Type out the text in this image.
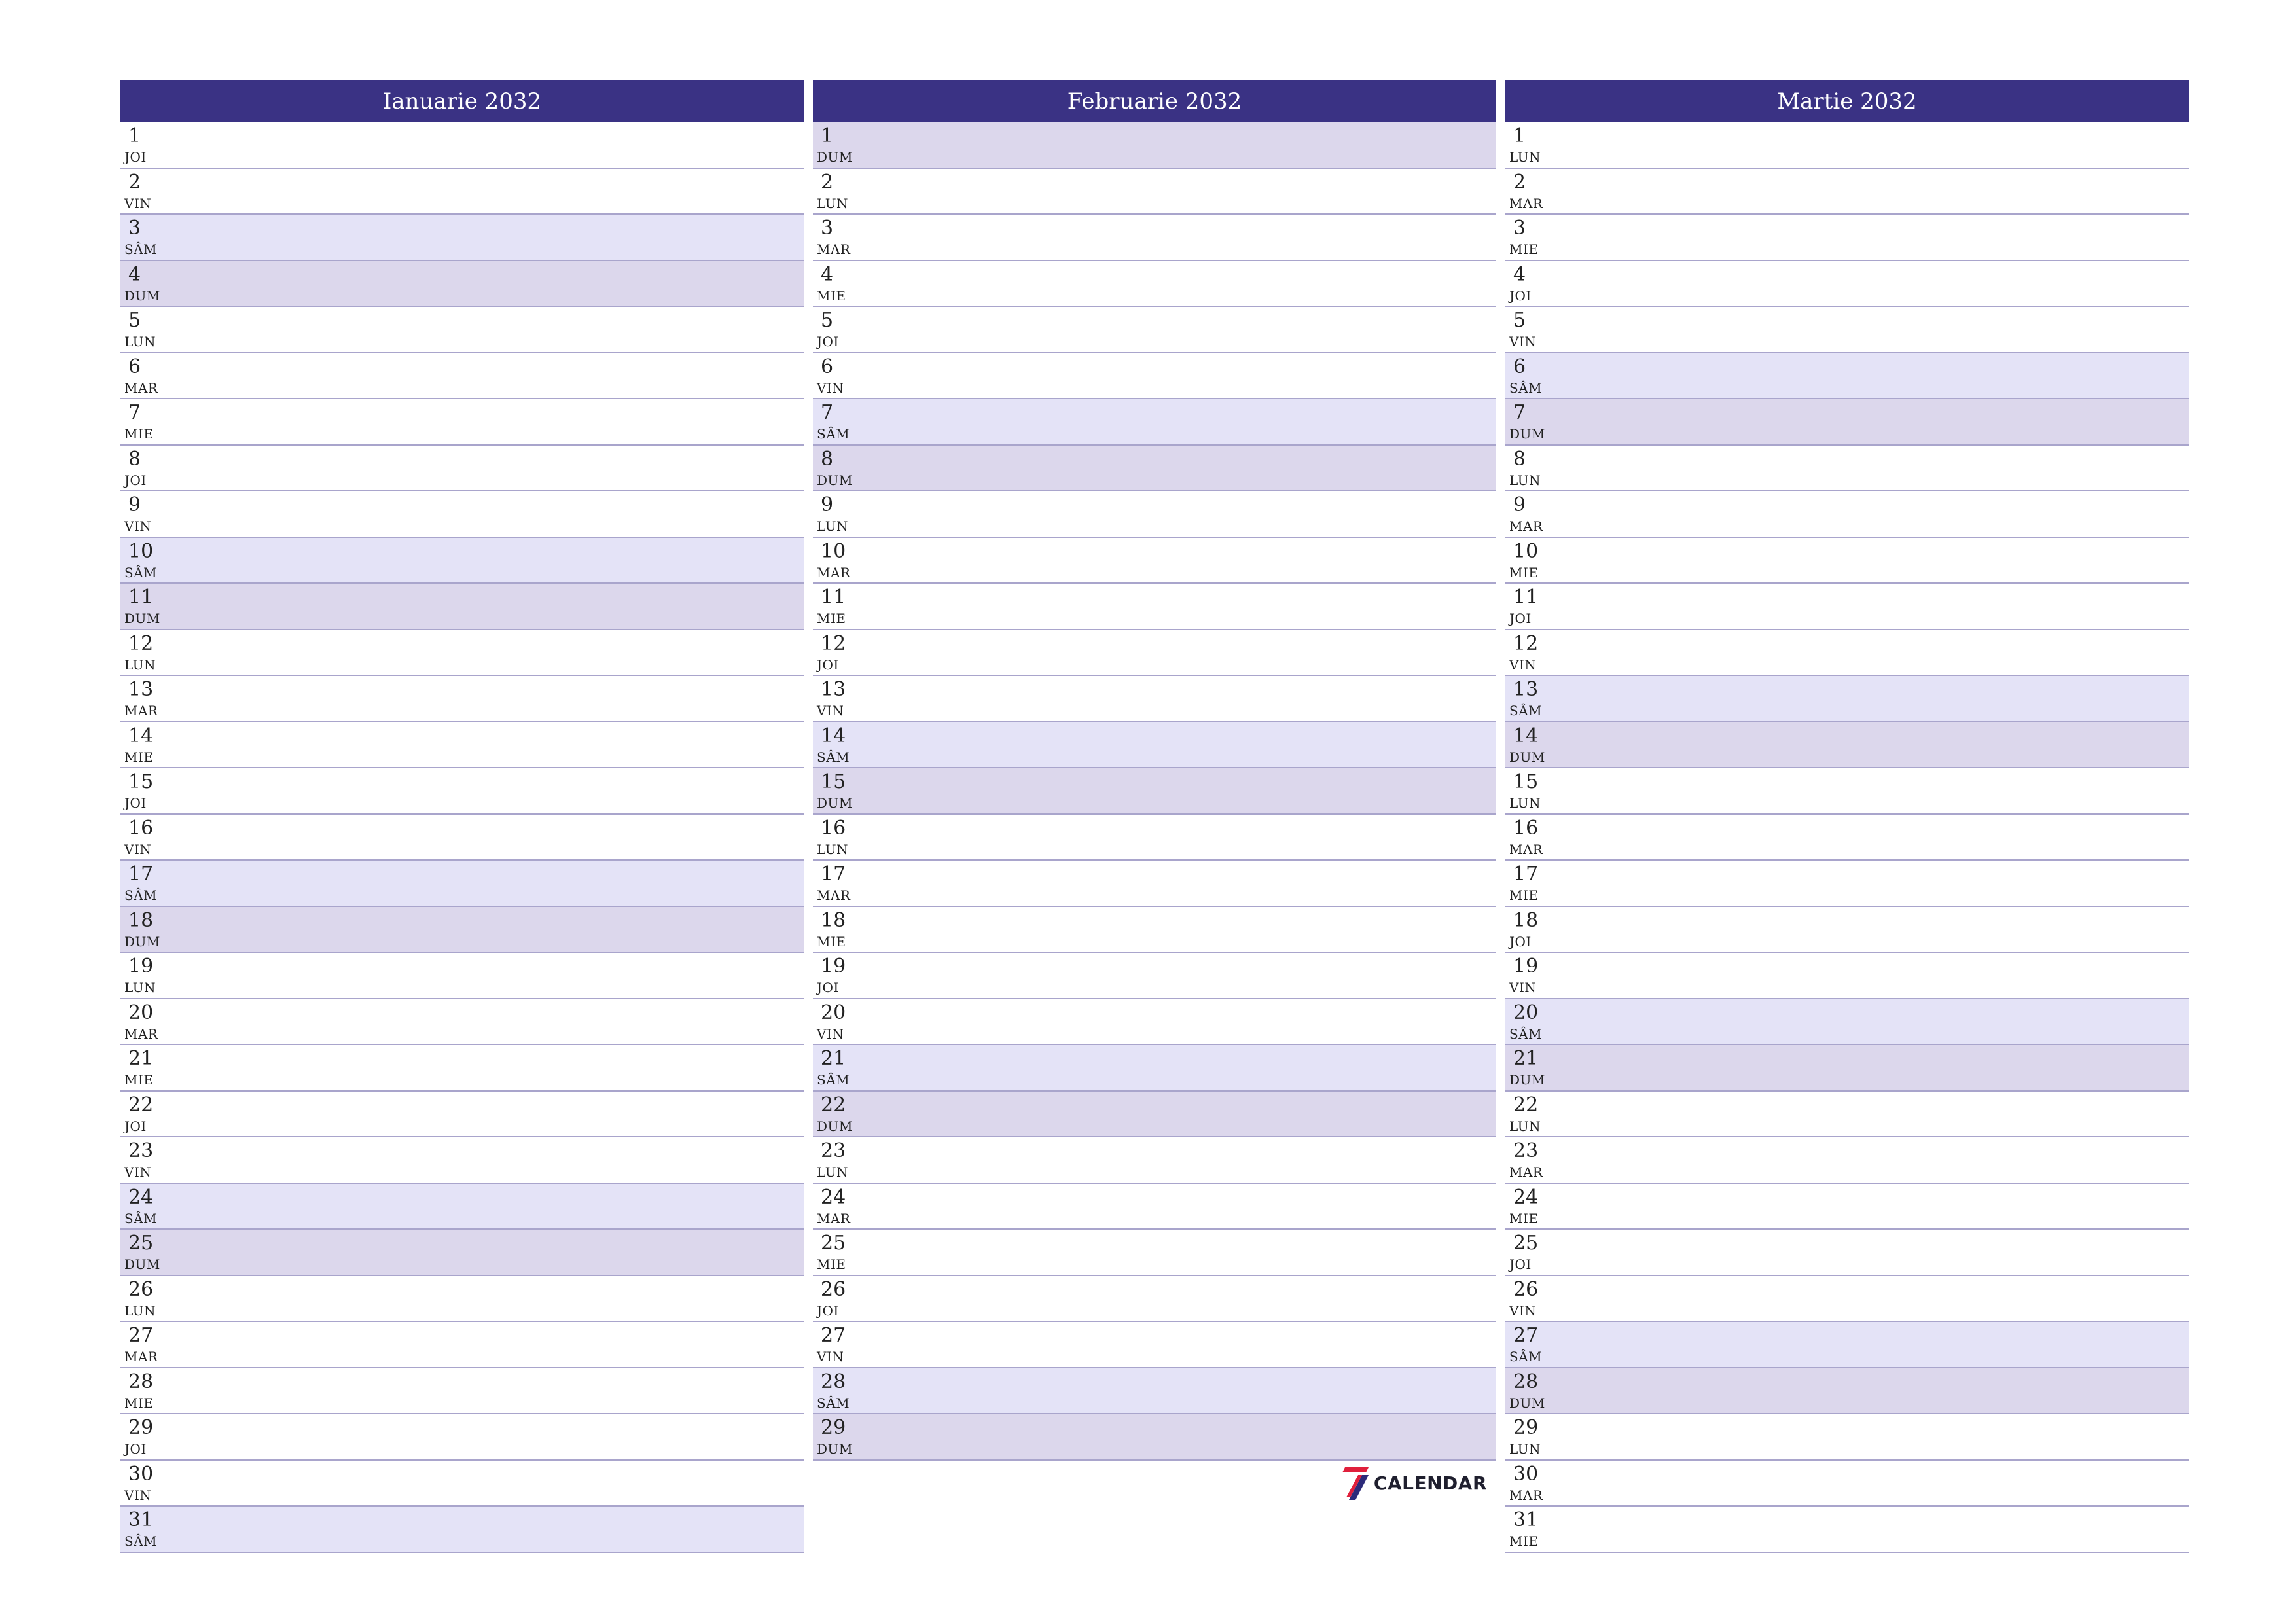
Ianuarie 2032
1
JOI
2
VIN
3
SÂM
4
DUM
5
LUN
6
MAR
7
MIE
8
JOI
9
VIN
10
SÂM
11
DUM
12
LUN
13
MAR
14
MIE
15
JOI
16
VIN
17
SÂM
18
DUM
19
LUN
20
MAR
21
MIE
22
JOI
23
VIN
24
SÂM
25
DUM
26
LUN
27
MAR
28
MIE
29
JOI
30
VIN
31
SÂM
Februarie 2032
1
DUM
2
LUN
3
MAR
4
MIE
5
JOI
6
VIN
7
SÂM
8
DUM
9
LUN
10
MAR
11
MIE
12
JOI
13
VIN
14
SÂM
15
DUM
16
LUN
17
MAR
18
MIE
19
JOI
20
VIN
21
SÂM
22
DUM
23
LUN
24
MAR
25
MIE
26
JOI
27
VIN
28
SÂM
29
DUM
CALENDAR
Martie 2032
1
LUN
2
MAR
3
MIE
4
JOI
5
VIN
6
SÂM
7
DUM
8
LUN
9
MAR
10
MIE
11
JOI
12
VIN
13
SÂM
14
DUM
15
LUN
16
MAR
17
MIE
18
JOI
19
VIN
20
SÂM
21
DUM
22
LUN
23
MAR
24
MIE
25
JOI
26
VIN
27
SÂM
28
DUM
29
LUN
30
MAR
31
MIE
